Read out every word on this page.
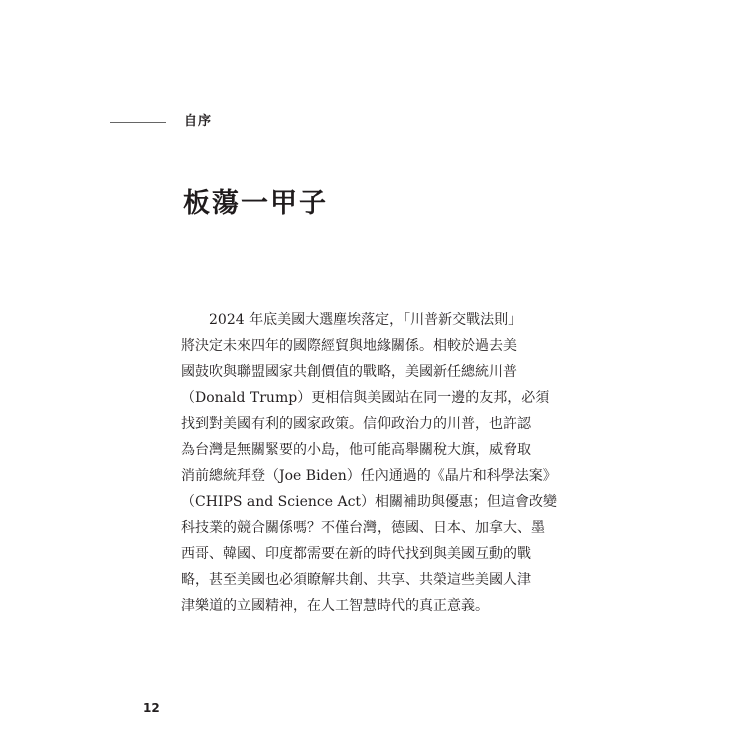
自序
板蕩一甲子
2024 年底美國大選塵埃落定，「川普新交戰法則」
將決定未來四年的國際經貿與地緣關係。相較於過去美
國鼓吹與聯盟國家共創價值的戰略，美國新任總統川普
（Donald Trump）更相信與美國站在同一邊的友邦，必須
找到對美國有利的國家政策。信仰政治力的川普，也許認
為台灣是無關緊要的小島，他可能高舉關稅大旗，威脅取
消前總統拜登（Joe Biden）任內通過的《晶片和科學法案》
（CHIPS and Science Act）相關補助與優惠；但這會改變
科技業的競合關係嗎？不僅台灣，德國、日本、加拿大、墨
西哥、韓國、印度都需要在新的時代找到與美國互動的戰
略，甚至美國也必須瞭解共創、共享、共榮這些美國人津
津樂道的立國精神，在人工智慧時代的真正意義。
12
